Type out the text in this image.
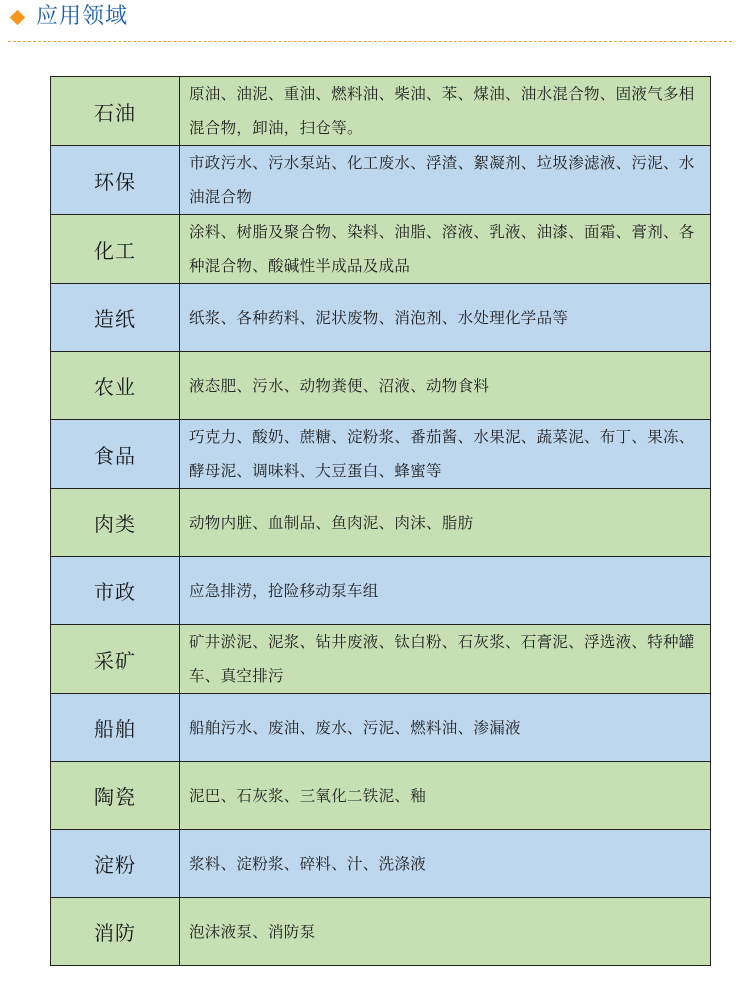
应用领域
石油	原油、油泥、重油、燃料油、柴油、苯、煤油、油水混合物、固液气多相混合物，卸油，扫仓等。
环保	市政污水、污水泵站、化工废水、浮渣、絮凝剂、垃圾渗滤液、污泥、水油混合物
化工	涂料、树脂及聚合物、染料、油脂、溶液、乳液、油漆、面霜、膏剂、各种混合物、酸碱性半成品及成品
造纸	纸浆、各种药料、泥状废物、消泡剂、水处理化学品等
农业	液态肥、污水、动物粪便、沼液、动物食料
食品	巧克力、酸奶、蔗糖、淀粉浆、番茄酱、水果泥、蔬菜泥、布丁、果冻、酵母泥、调味料、大豆蛋白、蜂蜜等
肉类	动物内脏、血制品、鱼肉泥、肉沫、脂肪
市政	应急排涝，抢险移动泵车组
采矿	矿井淤泥、泥浆、钻井废液、钛白粉、石灰浆、石膏泥、浮选液、特种罐车、真空排污
船舶	船舶污水、废油、废水、污泥、燃料油、渗漏液
陶瓷	泥巴、石灰浆、三氧化二铁泥、釉
淀粉	浆料、淀粉浆、碎料、汁、洗涤液
消防	泡沫液泵、消防泵
